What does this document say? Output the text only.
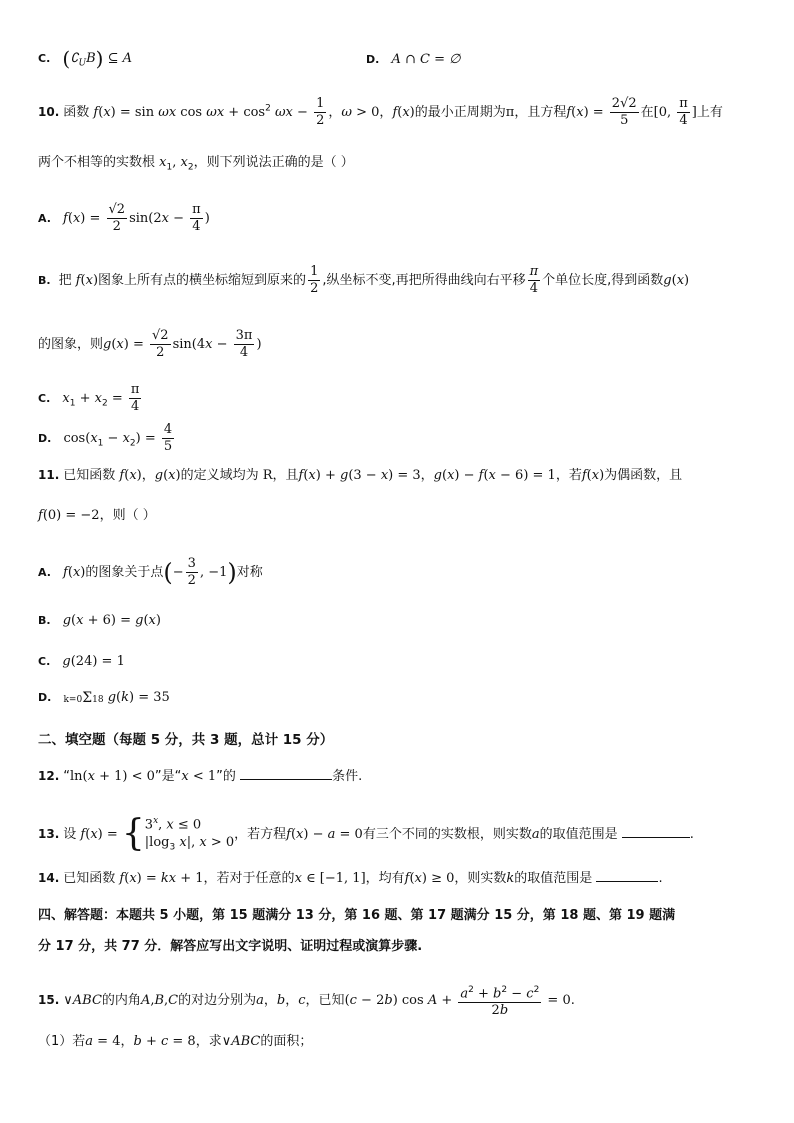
C. $(∁_UB)$ ⊆ A	D. A ∩ C = ∅
10. 函数 f(x) = sin ωx $\cos \omega x + \cos^2 \omega x - \frac{1}{2}$ ，ω > 0，f(x)的最小正周期为π，且方程$f(x) = \frac{2√2}{5}$ 在[0, $\frac{\pi}{4}$ ]上有
两个不相等的实数根 $x_1$, $x_2$，则下列说法正确的是（ ）
A. $f(x) = \frac{√2}{2} \sin(2x - \frac{\pi}{4}$ )
B. 把 f(x)图象上所有点的横坐标缩短到原来的 $\frac{1}{2}$ ,纵坐标不变,再把所得曲线向右平移 $\frac{\pi}{4}$ 个单位长度,得到函数g(x)
的图象，则$g(x) = \frac{√2}{2} \sin(4x - \frac{3\pi}{4}$ )
C. $x_1 + x_2 = \frac{\pi}{4}$
D. $\cos(x_1 - x_2) = \frac{4}{5}$
11. 已知函数 f(x)，g(x)的定义域均为 R，且f(x) + g(3 − x) = 3，g(x) − f(x − 6) = 1，若f(x)为偶函数，且
f(0) = −2，则（ ）
A. f(x)的图象关于点(− $\frac{3}{2}$ , −1)对称
B. g(x + 6) = g(x)
C. g(24) = 1
D. k=0Σ18 g(k) = 35
二、填空题（每题 5 分，共 3 题，总计 15 分）
12. “ln(x + 1) < 0”是“x < 1”的	条件.
13. 设 f(x) = { 3$^x$, x ≤ 0
$|\log_3$ x|, x > 0
，若方程f(x) − a = 0有三个不同的实数根，则实数a的取值范围是	.
14. 已知函数 f(x) = kx + 1，若对于任意的x ∈ [−1, 1]，均有f(x) ≥ 0，则实数k的取值范围是	.
四、解答题：本题共 5 小题，第 15 题满分 13 分，第 16 题、第 17 题满分 15 分，第 18 题、第 19 题满
分 17 分，共 77 分．解答应写出文字说明、证明过程或演算步骤.
15. ∨ABC的内角A,B,C的对边分别为a，b，c，已知(c − 2b) $\cos A + \frac{a^2 + b^2 - c^2}{2b} = 0$.
（1）若a = 4，b + c = 8，求∨ABC的面积；
